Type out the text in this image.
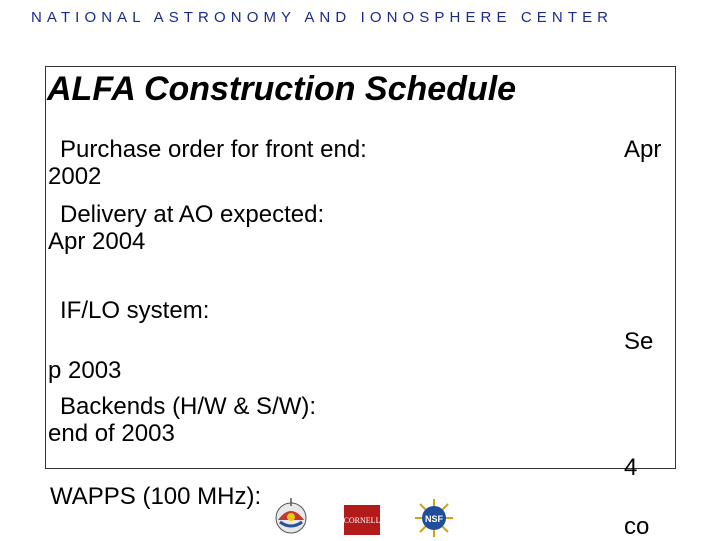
NATIONAL ASTRONOMY AND IONOSPHERE CENTER
ALFA Construction Schedule
Purchase order for front end:	Apr
2002
Delivery at AO expected:
Apr 2004
IF/LO system:
Se
p 2003
Backends (H/W & S/W):
end of 2003
4
WAPPS (100 MHz):
co
CORNELL	NSF
